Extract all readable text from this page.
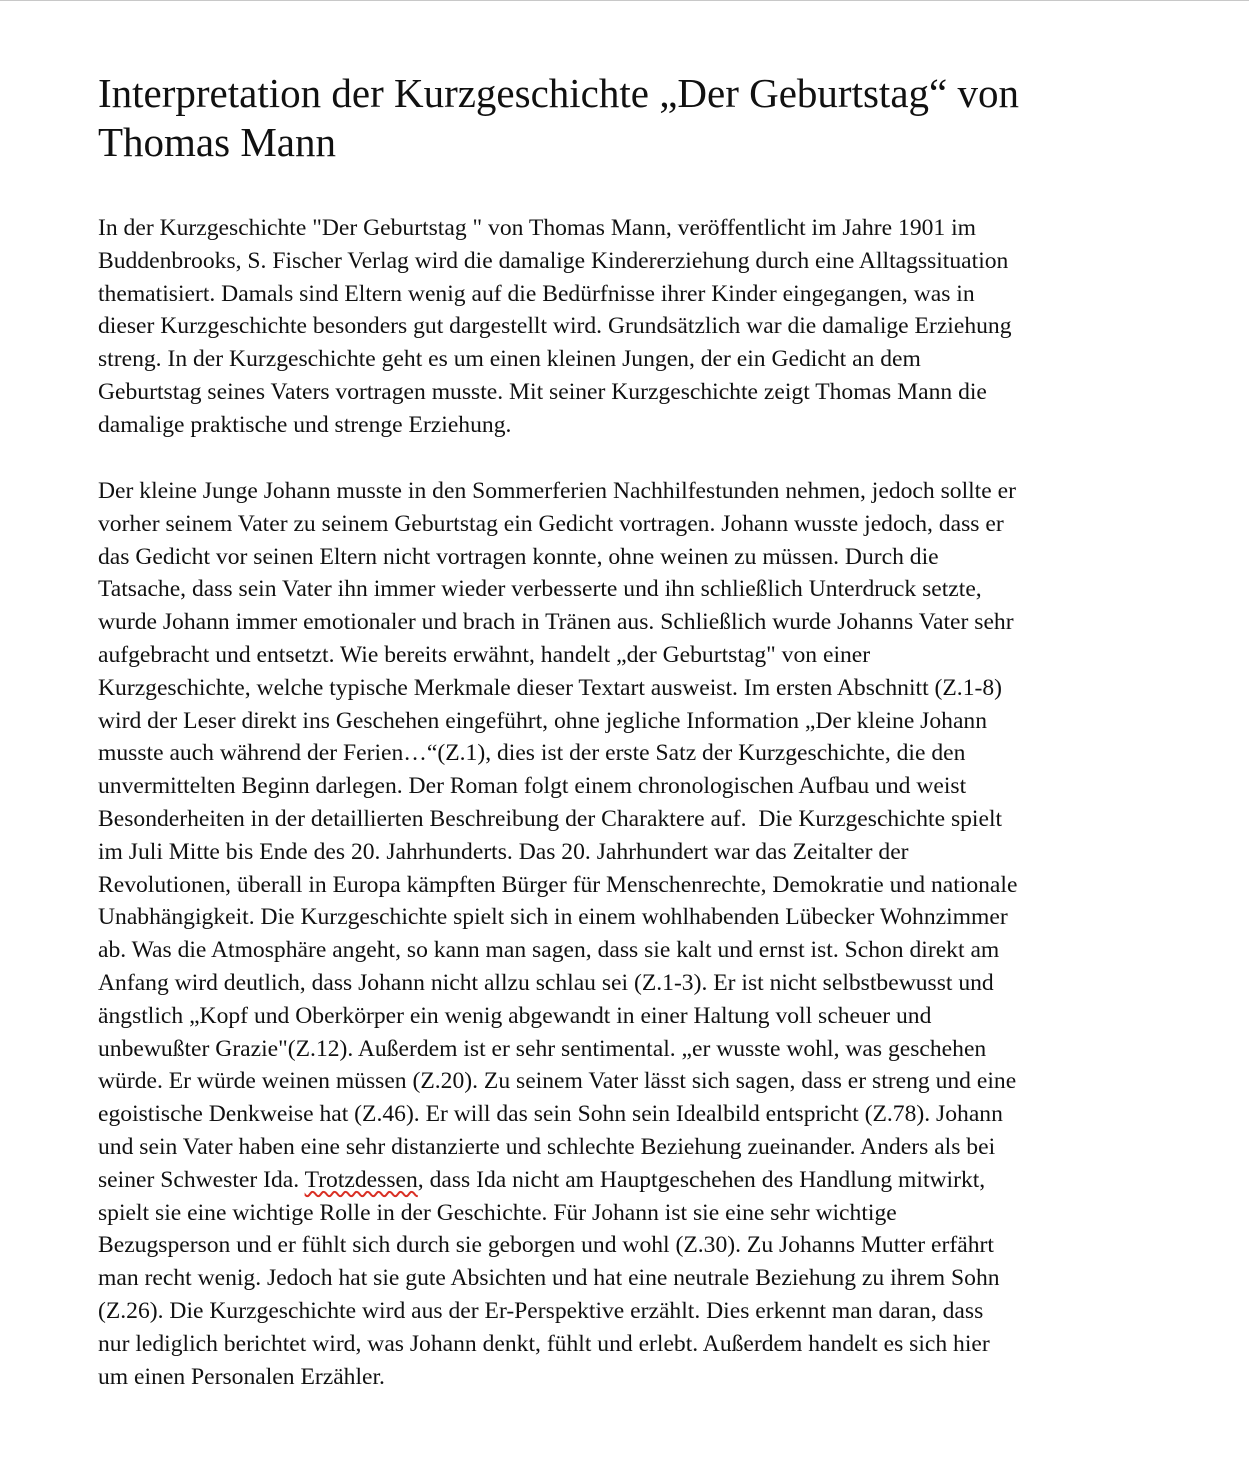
Interpretation der Kurzgeschichte „Der Geburtstag“ von
Thomas Mann

In der Kurzgeschichte "Der Geburtstag " von Thomas Mann, veröffentlicht im Jahre 1901 im
Buddenbrooks, S. Fischer Verlag wird die damalige Kindererziehung durch eine Alltagssituation
thematisiert. Damals sind Eltern wenig auf die Bedürfnisse ihrer Kinder eingegangen, was in
dieser Kurzgeschichte besonders gut dargestellt wird. Grundsätzlich war die damalige Erziehung
streng. In der Kurzgeschichte geht es um einen kleinen Jungen, der ein Gedicht an dem
Geburtstag seines Vaters vortragen musste. Mit seiner Kurzgeschichte zeigt Thomas Mann die
damalige praktische und strenge Erziehung.

Der kleine Junge Johann musste in den Sommerferien Nachhilfestunden nehmen, jedoch sollte er
vorher seinem Vater zu seinem Geburtstag ein Gedicht vortragen. Johann wusste jedoch, dass er
das Gedicht vor seinen Eltern nicht vortragen konnte, ohne weinen zu müssen. Durch die
Tatsache, dass sein Vater ihn immer wieder verbesserte und ihn schließlich Unterdruck setzte,
wurde Johann immer emotionaler und brach in Tränen aus. Schließlich wurde Johanns Vater sehr
aufgebracht und entsetzt. Wie bereits erwähnt, handelt „der Geburtstag" von einer
Kurzgeschichte, welche typische Merkmale dieser Textart ausweist. Im ersten Abschnitt (Z.1-8)
wird der Leser direkt ins Geschehen eingeführt, ohne jegliche Information „Der kleine Johann
musste auch während der Ferien…“(Z.1), dies ist der erste Satz der Kurzgeschichte, die den
unvermittelten Beginn darlegen. Der Roman folgt einem chronologischen Aufbau und weist
Besonderheiten in der detaillierten Beschreibung der Charaktere auf.  Die Kurzgeschichte spielt
im Juli Mitte bis Ende des 20. Jahrhunderts. Das 20. Jahrhundert war das Zeitalter der
Revolutionen, überall in Europa kämpften Bürger für Menschenrechte, Demokratie und nationale
Unabhängigkeit. Die Kurzgeschichte spielt sich in einem wohlhabenden Lübecker Wohnzimmer
ab. Was die Atmosphäre angeht, so kann man sagen, dass sie kalt und ernst ist. Schon direkt am
Anfang wird deutlich, dass Johann nicht allzu schlau sei (Z.1-3). Er ist nicht selbstbewusst und
ängstlich „Kopf und Oberkörper ein wenig abgewandt in einer Haltung voll scheuer und
unbewußter Grazie"(Z.12). Außerdem ist er sehr sentimental. „er wusste wohl, was geschehen
würde. Er würde weinen müssen (Z.20). Zu seinem Vater lässt sich sagen, dass er streng und eine
egoistische Denkweise hat (Z.46). Er will das sein Sohn sein Idealbild entspricht (Z.78). Johann
und sein Vater haben eine sehr distanzierte und schlechte Beziehung zueinander. Anders als bei
seiner Schwester Ida. Trotzdessen, dass Ida nicht am Hauptgeschehen des Handlung mitwirkt,
spielt sie eine wichtige Rolle in der Geschichte. Für Johann ist sie eine sehr wichtige
Bezugsperson und er fühlt sich durch sie geborgen und wohl (Z.30). Zu Johanns Mutter erfährt
man recht wenig. Jedoch hat sie gute Absichten und hat eine neutrale Beziehung zu ihrem Sohn
(Z.26). Die Kurzgeschichte wird aus der Er-Perspektive erzählt. Dies erkennt man daran, dass
nur lediglich berichtet wird, was Johann denkt, fühlt und erlebt. Außerdem handelt es sich hier
um einen Personalen Erzähler.
